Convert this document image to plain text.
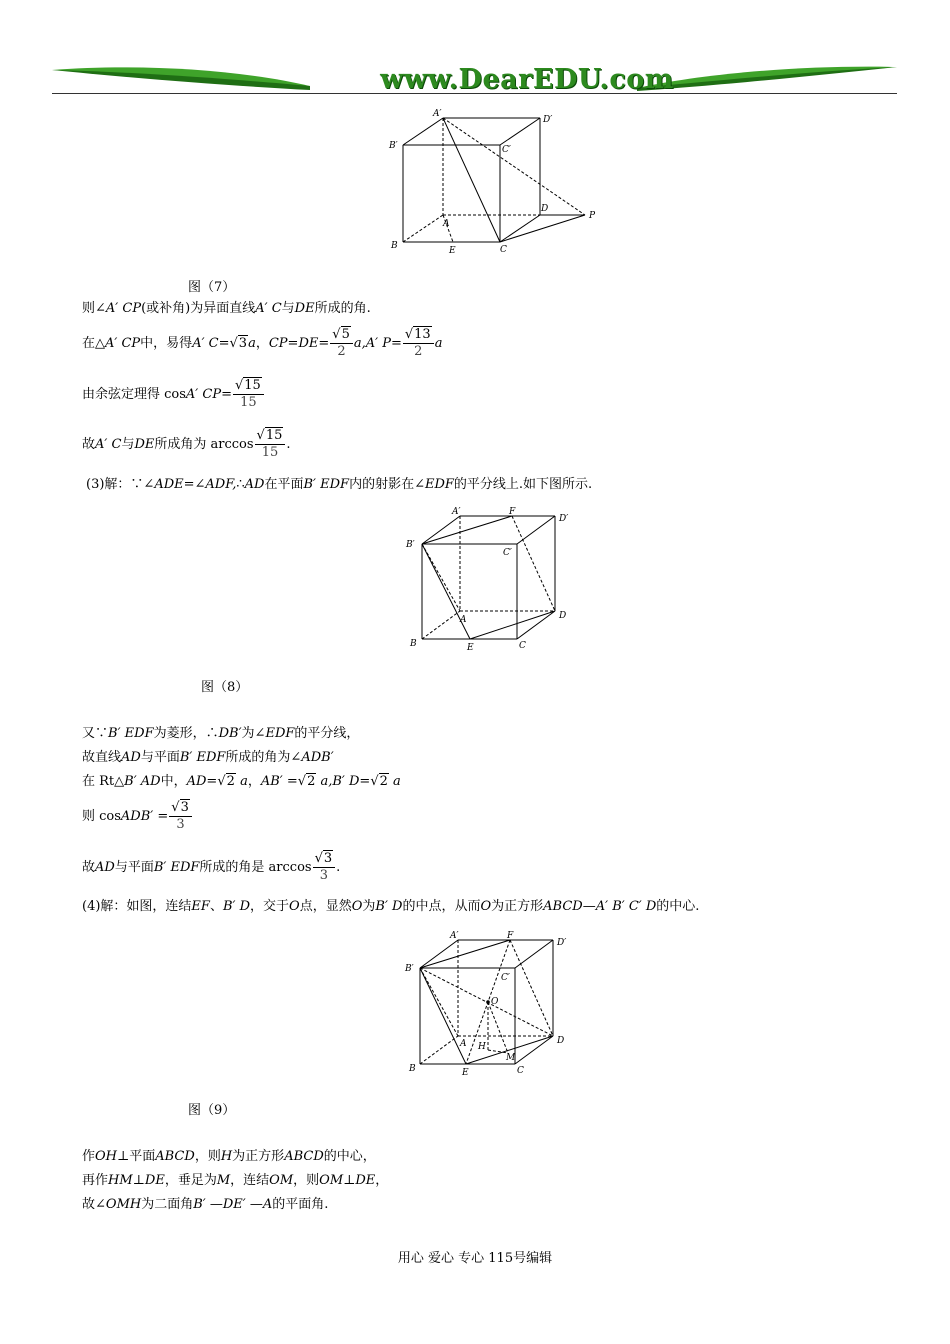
www.DearEDU.com
A′
D′
B′	C′
A
D
P
B	E	C
图（7）
则∠A′ CP(或补角)为异面直线A′ C与DE所成的角.
在△A′ CP中，易得A′ C=√3a，$CP=DE= \frac{√5}{2} a,A'$ $P= \frac{√13}{2}$ a
由余弦定理得 cosA′ $CP= \frac{√15}{15}$
故A′ C与DE所成角为 $\arccos \frac{√15}{15}$ .
(3)解：∵∠ADE=∠ADF,∴AD在平面B′ EDF内的射影在∠EDF的平分线上.如下图所示.
A′	F
D′
B′
C′
A	D
B	E	C
图（8）
又∵B′ EDF为菱形，∴DB′为∠EDF的平分线，
故直线AD与平面B′ EDF所成的角为∠ADB′
在 Rt△B′ AD中，AD=√2 a，AB′ =√2 a,B′ D=√2 a
则 cosADB′ = $\frac{√3}{3}$
故AD与平面B′ EDF所成的角是 $\arccos \frac{√3}{3}$ .
(4)解：如图，连结EF、B′ D，交于O点，显然O为B′ D的中点，从而O为正方形ABCD—A′ B′ C′ D的中心.
A′	F
D′
B′
C′
O
A H
M
D
B	E	C
图（9）
作OH⊥平面ABCD，则H为正方形ABCD的中心，
再作HM⊥DE，垂足为M，连结OM，则OM⊥DE，
故∠OMH为二面角B′ —DE′ —A的平面角.
用心 爱心 专心 115号编辑
